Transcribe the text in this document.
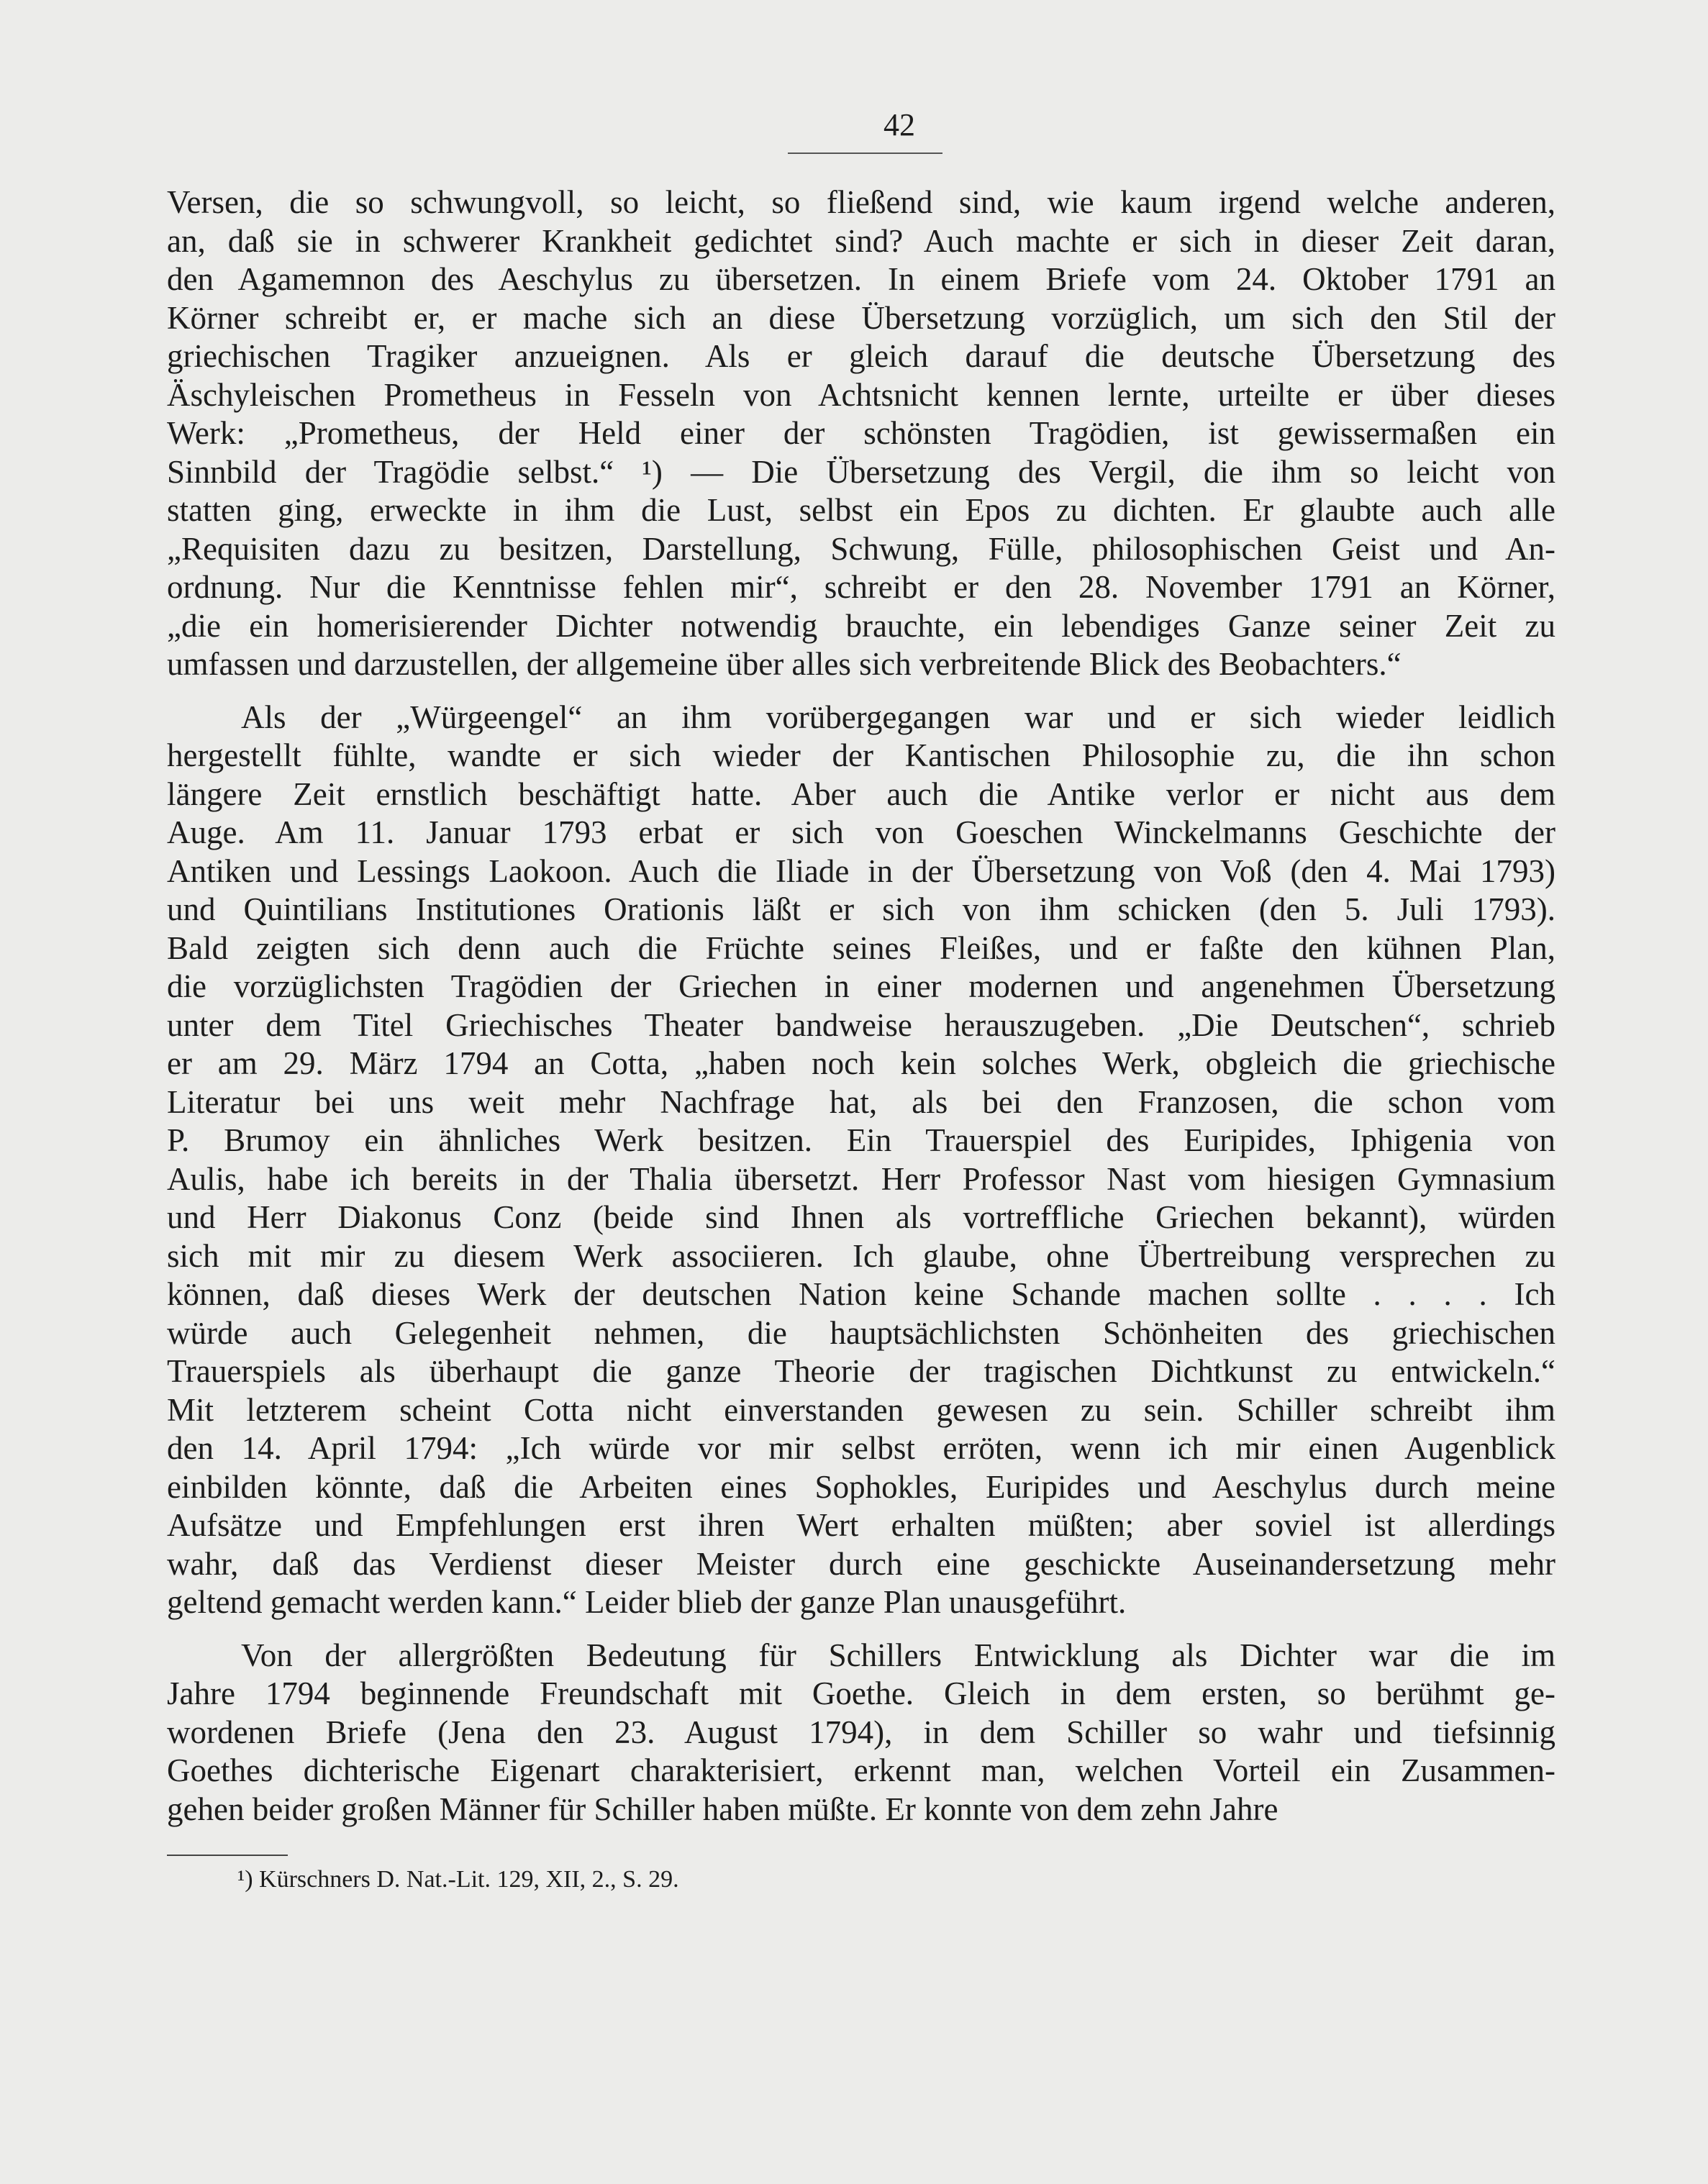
42
Versen, die so schwungvoll, so leicht, so fließend sind, wie kaum irgend welche anderen,
an, daß sie in schwerer Krankheit gedichtet sind? Auch machte er sich in dieser Zeit daran,
den Agamemnon des Aeschylus zu übersetzen. In einem Briefe vom 24. Oktober 1791 an
Körner schreibt er, er mache sich an diese Übersetzung vorzüglich, um sich den Stil der
griechischen Tragiker anzueignen. Als er gleich darauf die deutsche Übersetzung des
Äschyleischen Prometheus in Fesseln von Achtsnicht kennen lernte, urteilte er über dieses
Werk: „Prometheus, der Held einer der schönsten Tragödien, ist gewissermaßen ein
Sinnbild der Tragödie selbst.“ ¹) — Die Übersetzung des Vergil, die ihm so leicht von
statten ging, erweckte in ihm die Lust, selbst ein Epos zu dichten. Er glaubte auch alle
„Requisiten dazu zu besitzen, Darstellung, Schwung, Fülle, philosophischen Geist und An-
ordnung. Nur die Kenntnisse fehlen mir“, schreibt er den 28. November 1791 an Körner,
„die ein homerisierender Dichter notwendig brauchte, ein lebendiges Ganze seiner Zeit zu
umfassen und darzustellen, der allgemeine über alles sich verbreitende Blick des Beobachters.“
Als der „Würgeengel“ an ihm vorübergegangen war und er sich wieder leidlich
hergestellt fühlte, wandte er sich wieder der Kantischen Philosophie zu, die ihn schon
längere Zeit ernstlich beschäftigt hatte. Aber auch die Antike verlor er nicht aus dem
Auge. Am 11. Januar 1793 erbat er sich von Goeschen Winckelmanns Geschichte der
Antiken und Lessings Laokoon. Auch die Iliade in der Übersetzung von Voß (den 4. Mai 1793)
und Quintilians Institutiones Orationis läßt er sich von ihm schicken (den 5. Juli 1793).
Bald zeigten sich denn auch die Früchte seines Fleißes, und er faßte den kühnen Plan,
die vorzüglichsten Tragödien der Griechen in einer modernen und angenehmen Übersetzung
unter dem Titel Griechisches Theater bandweise herauszugeben. „Die Deutschen“, schrieb
er am 29. März 1794 an Cotta, „haben noch kein solches Werk, obgleich die griechische
Literatur bei uns weit mehr Nachfrage hat, als bei den Franzosen, die schon vom
P. Brumoy ein ähnliches Werk besitzen. Ein Trauerspiel des Euripides, Iphigenia von
Aulis, habe ich bereits in der Thalia übersetzt. Herr Professor Nast vom hiesigen Gymnasium
und Herr Diakonus Conz (beide sind Ihnen als vortreffliche Griechen bekannt), würden
sich mit mir zu diesem Werk associieren. Ich glaube, ohne Übertreibung versprechen zu
können, daß dieses Werk der deutschen Nation keine Schande machen sollte . . . . Ich
würde auch Gelegenheit nehmen, die hauptsächlichsten Schönheiten des griechischen
Trauerspiels als überhaupt die ganze Theorie der tragischen Dichtkunst zu entwickeln.“
Mit letzterem scheint Cotta nicht einverstanden gewesen zu sein. Schiller schreibt ihm
den 14. April 1794: „Ich würde vor mir selbst erröten, wenn ich mir einen Augenblick
einbilden könnte, daß die Arbeiten eines Sophokles, Euripides und Aeschylus durch meine
Aufsätze und Empfehlungen erst ihren Wert erhalten müßten; aber soviel ist allerdings
wahr, daß das Verdienst dieser Meister durch eine geschickte Auseinandersetzung mehr
geltend gemacht werden kann.“ Leider blieb der ganze Plan unausgeführt.
Von der allergrößten Bedeutung für Schillers Entwicklung als Dichter war die im
Jahre 1794 beginnende Freundschaft mit Goethe. Gleich in dem ersten, so berühmt ge-
wordenen Briefe (Jena den 23. August 1794), in dem Schiller so wahr und tiefsinnig
Goethes dichterische Eigenart charakterisiert, erkennt man, welchen Vorteil ein Zusammen-
gehen beider großen Männer für Schiller haben müßte. Er konnte von dem zehn Jahre
¹) Kürschners D. Nat.-Lit. 129, XII, 2., S. 29.
